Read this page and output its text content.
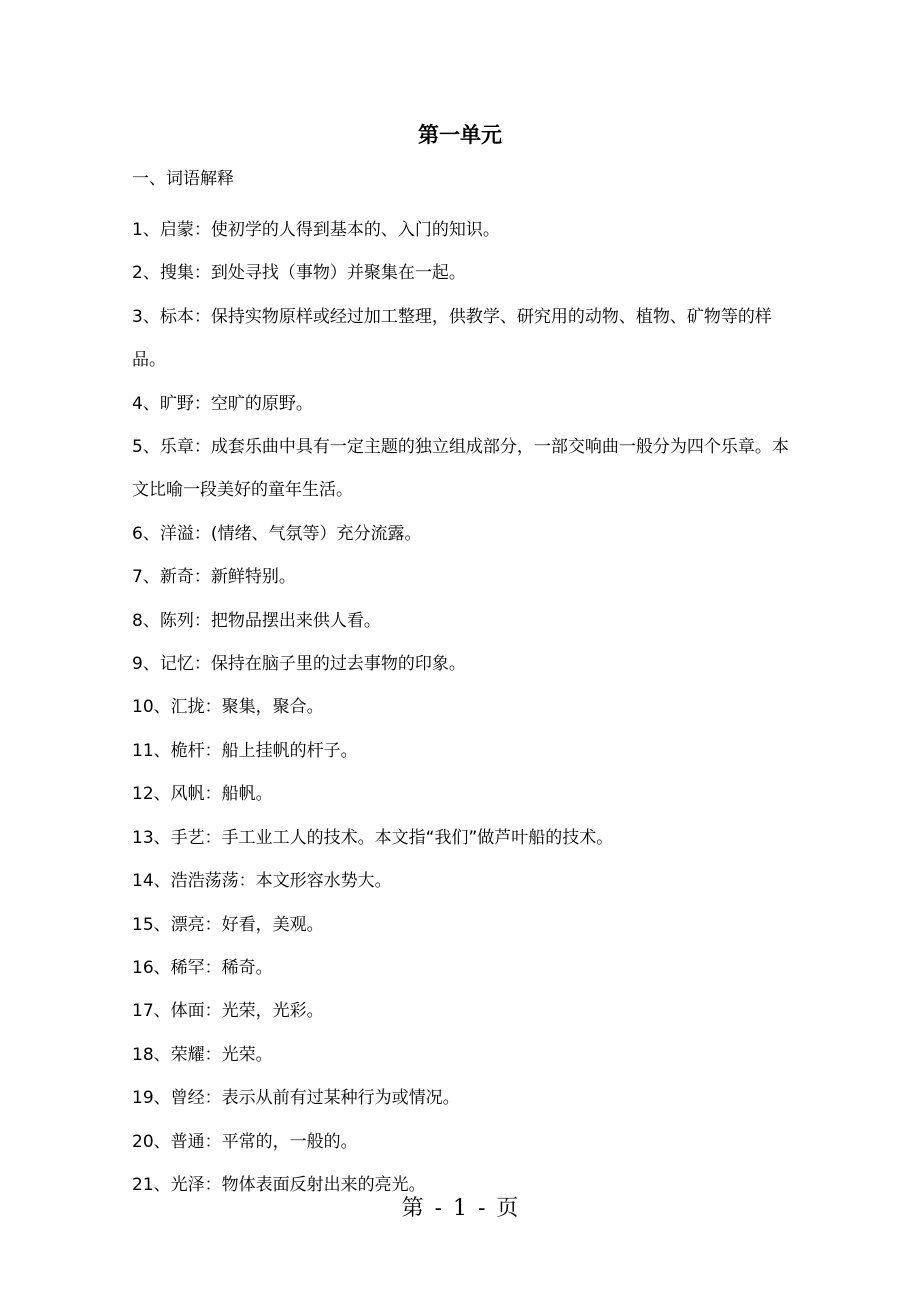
第一单元
一、词语解释
1、启蒙：使初学的人得到基本的、入门的知识。
2、搜集：到处寻找（事物）并聚集在一起。
3、标本：保持实物原样或经过加工整理，供教学、研究用的动物、植物、矿物等的样品。
4、旷野：空旷的原野。
5、乐章：成套乐曲中具有一定主题的独立组成部分，一部交响曲一般分为四个乐章。本文比喻一段美好的童年生活。
6、洋溢：(情绪、气氛等）充分流露。
7、新奇：新鲜特别。
8、陈列：把物品摆出来供人看。
9、记忆：保持在脑子里的过去事物的印象。
10、汇拢：聚集，聚合。
11、桅杆：船上挂帆的杆子。
12、风帆：船帆。
13、手艺：手工业工人的技术。本文指“我们”做芦叶船的技术。
14、浩浩荡荡：本文形容水势大。
15、漂亮：好看，美观。
16、稀罕：稀奇。
17、体面：光荣，光彩。
18、荣耀：光荣。
19、曾经：表示从前有过某种行为或情况。
20、普通：平常的，一般的。
21、光泽：物体表面反射出来的亮光。
第 - 1 - 页
